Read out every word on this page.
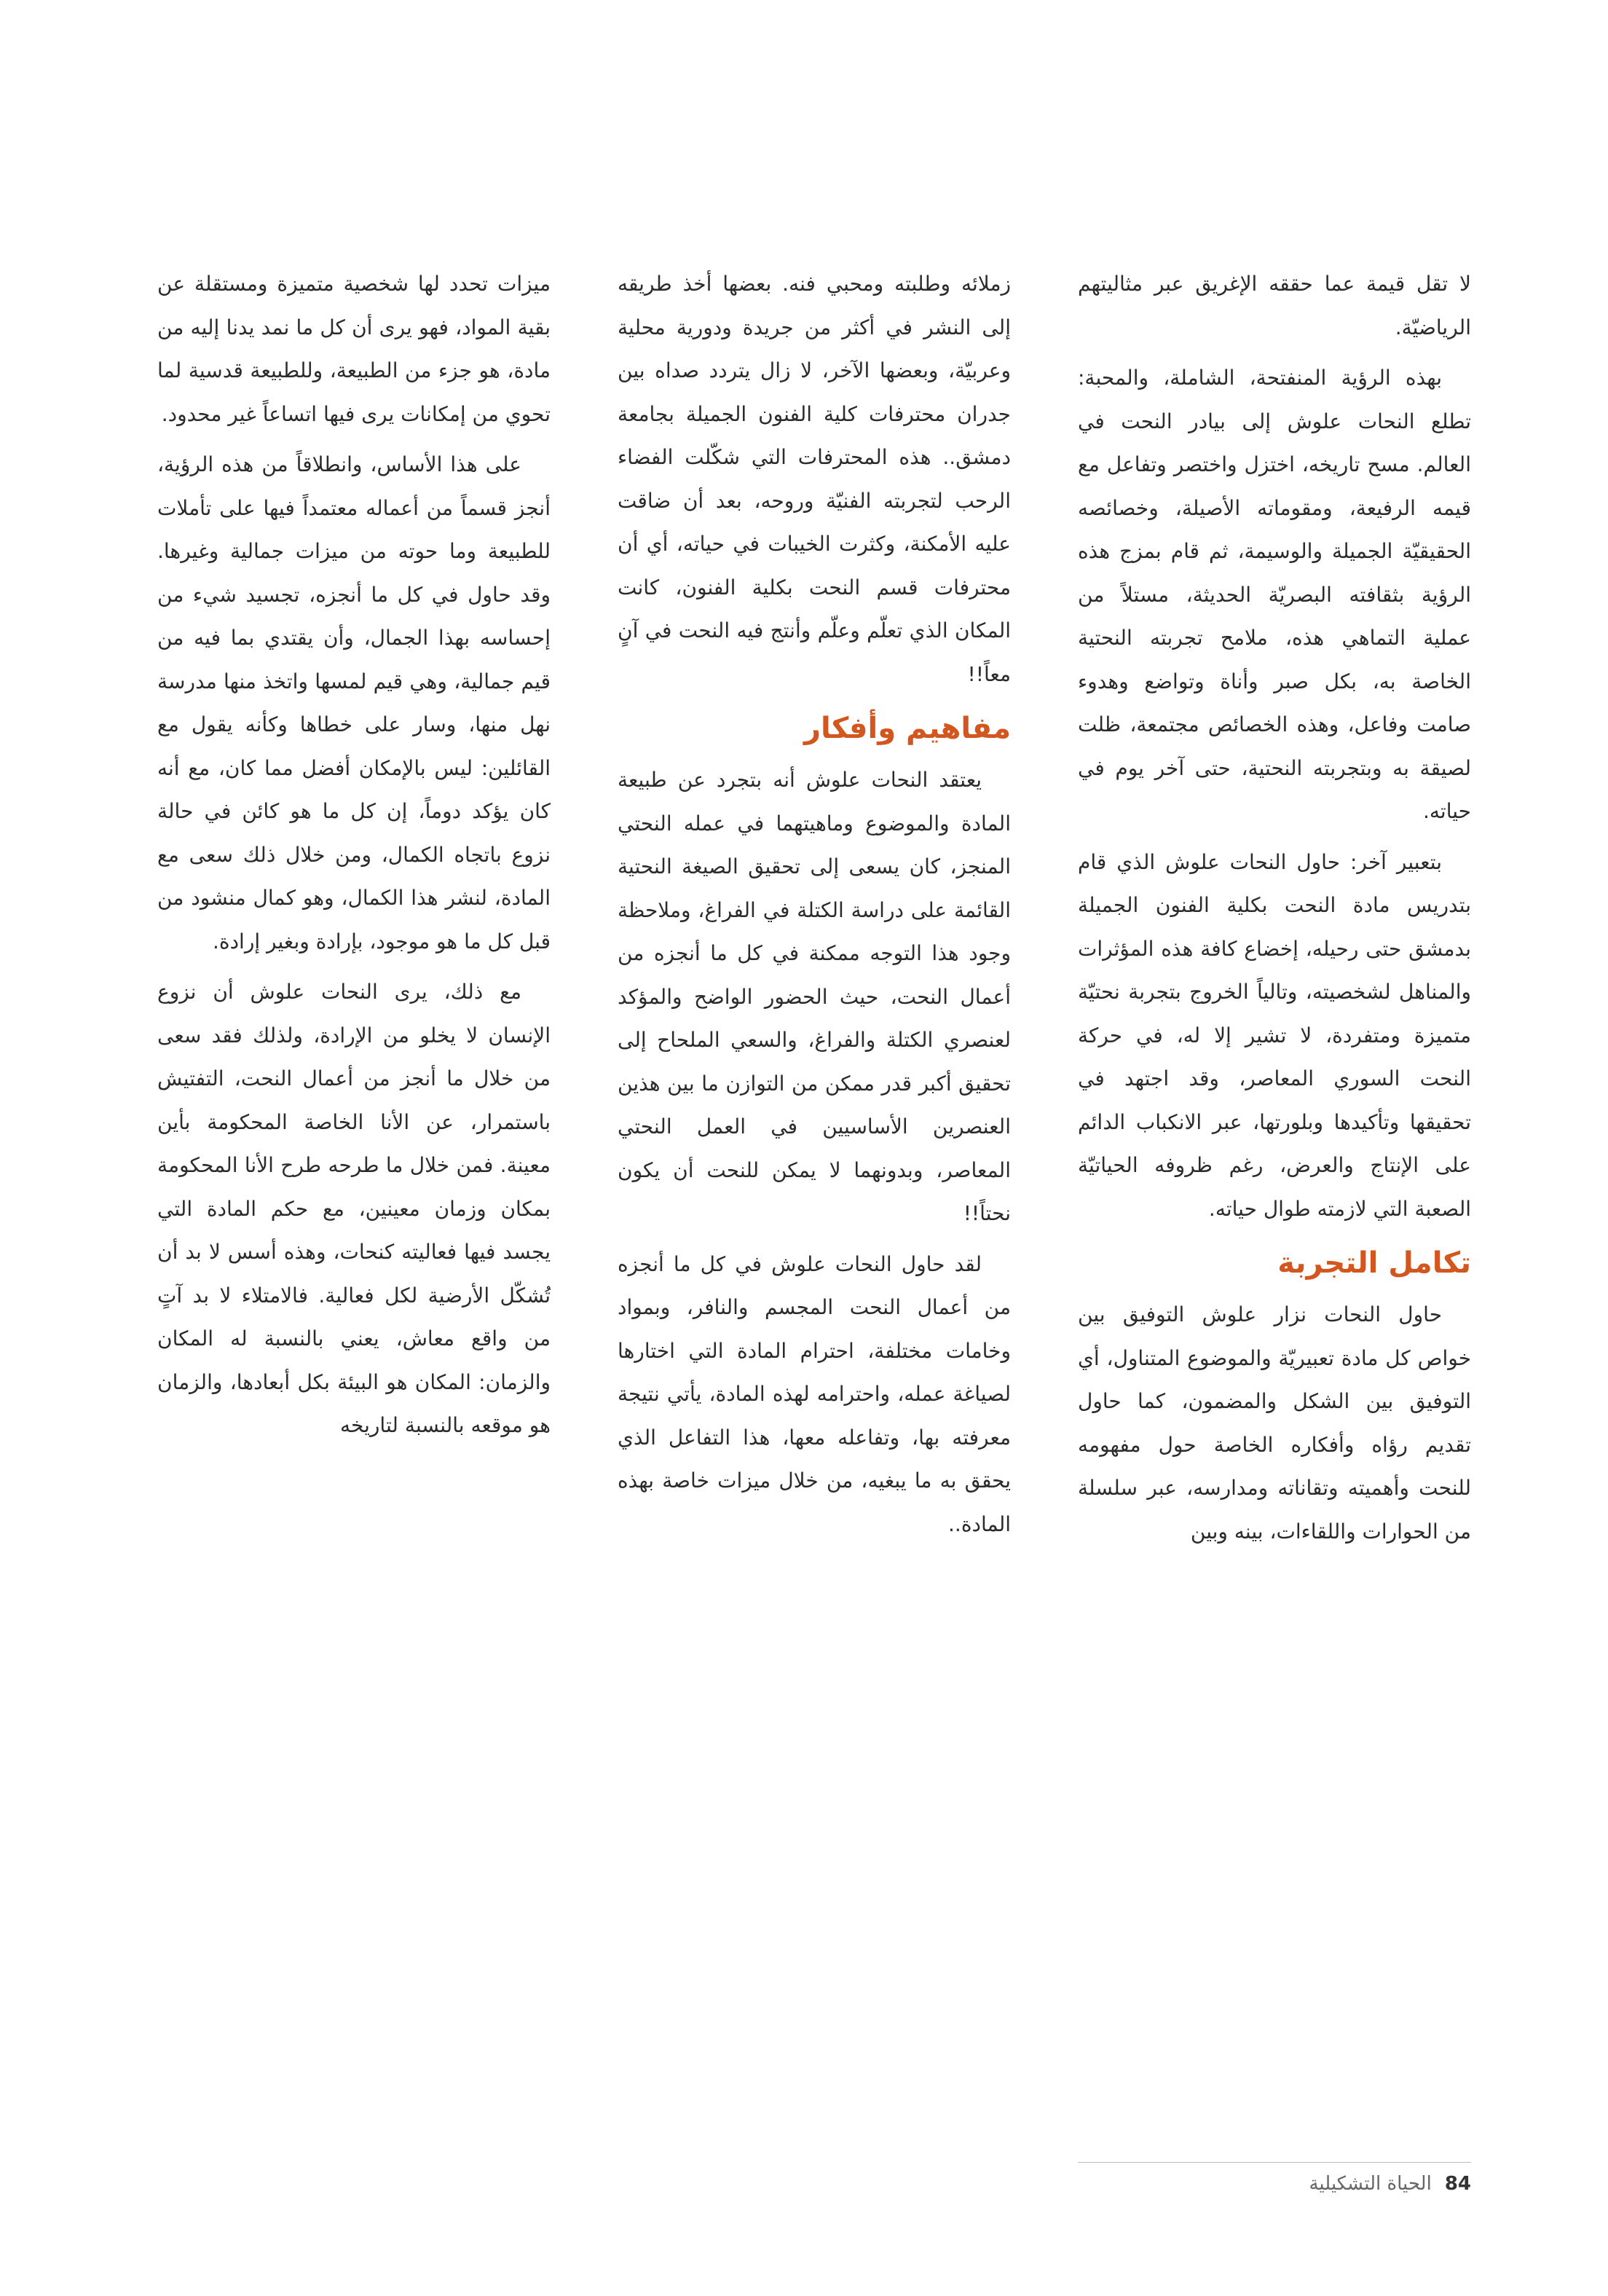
لا تقل قيمة عما حققه الإغريق عبر مثاليتهم الرياضيّة.

بهذه الرؤية المنفتحة، الشاملة، والمحبة: تطلع النحات علوش إلى بيادر النحت في العالم. مسح تاريخه، اختزل واختصر وتفاعل مع قيمه الرفيعة، ومقوماته الأصيلة، وخصائصه الحقيقيّة الجميلة والوسيمة، ثم قام بمزج هذه الرؤية بثقافته البصريّة الحديثة، مستلاً من عملية التماهي هذه، ملامح تجربته النحتية الخاصة به، بكل صبر وأناة وتواضع وهدوء صامت وفاعل، وهذه الخصائص مجتمعة، ظلت لصيقة به وبتجربته النحتية، حتى آخر يوم في حياته.

بتعبير آخر: حاول النحات علوش الذي قام بتدريس مادة النحت بكلية الفنون الجميلة بدمشق حتى رحيله، إخضاع كافة هذه المؤثرات والمناهل لشخصيته، وتالياً الخروج بتجربة نحتيّة متميزة ومتفردة، لا تشير إلا له، في حركة النحت السوري المعاصر، وقد اجتهد في تحقيقها وتأكيدها وبلورتها، عبر الانكباب الدائم على الإنتاج والعرض، رغم ظروفه الحياتيّة الصعبة التي لازمته طوال حياته.

تكامل التجربة

حاول النحات نزار علوش التوفيق بين خواص كل مادة تعبيريّة والموضوع المتناول، أي التوفيق بين الشكل والمضمون، كما حاول تقديم رؤاه وأفكاره الخاصة حول مفهومه للنحت وأهميته وتقاناته ومدارسه، عبر سلسلة من الحوارات واللقاءات، بينه وبين

زملائه وطلبته ومحبي فنه. بعضها أخذ طريقه إلى النشر في أكثر من جريدة ودورية محلية وعربيّة، وبعضها الآخر، لا زال يتردد صداه بين جدران محترفات كلية الفنون الجميلة بجامعة دمشق.. هذه المحترفات التي شكّلت الفضاء الرحب لتجربته الفنيّة وروحه، بعد أن ضاقت عليه الأمكنة، وكثرت الخيبات في حياته، أي أن محترفات قسم النحت بكلية الفنون، كانت المكان الذي تعلّم وعلّم وأنتج فيه النحت في آنٍ معاً!!

مفاهيم وأفكار

يعتقد النحات علوش أنه بتجرد عن طبيعة المادة والموضوع وماهيتهما في عمله النحتي المنجز، كان يسعى إلى تحقيق الصيغة النحتية القائمة على دراسة الكتلة في الفراغ، وملاحظة وجود هذا التوجه ممكنة في كل ما أنجزه من أعمال النحت، حيث الحضور الواضح والمؤكد لعنصري الكتلة والفراغ، والسعي الملحاح إلى تحقيق أكبر قدر ممكن من التوازن ما بين هذين العنصرين الأساسيين في العمل النحتي المعاصر، وبدونهما لا يمكن للنحت أن يكون نحتاً!!

لقد حاول النحات علوش في كل ما أنجزه من أعمال النحت المجسم والنافر، وبمواد وخامات مختلفة، احترام المادة التي اختارها لصياغة عمله، واحترامه لهذه المادة، يأتي نتيجة معرفته بها، وتفاعله معها، هذا التفاعل الذي يحقق به ما يبغيه، من خلال ميزات خاصة بهذه المادة..

ميزات تحدد لها شخصية متميزة ومستقلة عن بقية المواد، فهو يرى أن كل ما نمد يدنا إليه من مادة، هو جزء من الطبيعة، وللطبيعة قدسية لما تحوي من إمكانات يرى فيها اتساعاً غير محدود.

على هذا الأساس، وانطلاقاً من هذه الرؤية، أنجز قسماً من أعماله معتمداً فيها على تأملات للطبيعة وما حوته من ميزات جمالية وغيرها. وقد حاول في كل ما أنجزه، تجسيد شيء من إحساسه بهذا الجمال، وأن يقتدي بما فيه من قيم جمالية، وهي قيم لمسها واتخذ منها مدرسة نهل منها، وسار على خطاها وكأنه يقول مع القائلين: ليس بالإمكان أفضل مما كان، مع أنه كان يؤكد دوماً، إن كل ما هو كائن في حالة نزوع باتجاه الكمال، ومن خلال ذلك سعى مع المادة، لنشر هذا الكمال، وهو كمال منشود من قبل كل ما هو موجود، بإرادة وبغير إرادة.

مع ذلك، يرى النحات علوش أن نزوع الإنسان لا يخلو من الإرادة، ولذلك فقد سعى من خلال ما أنجز من أعمال النحت، التفتيش باستمرار، عن الأنا الخاصة المحكومة بأين معينة. فمن خلال ما طرحه طرح الأنا المحكومة بمكان وزمان معينين، مع حكم المادة التي يجسد فيها فعاليته كنحات، وهذه أسس لا بد أن تُشكّل الأرضية لكل فعالية. فالامتلاء لا بد آتٍ من واقع معاش، يعني بالنسبة له المكان والزمان: المكان هو البيئة بكل أبعادها، والزمان هو موقعه بالنسبة لتاريخه

84
الحياة التشكيلية
